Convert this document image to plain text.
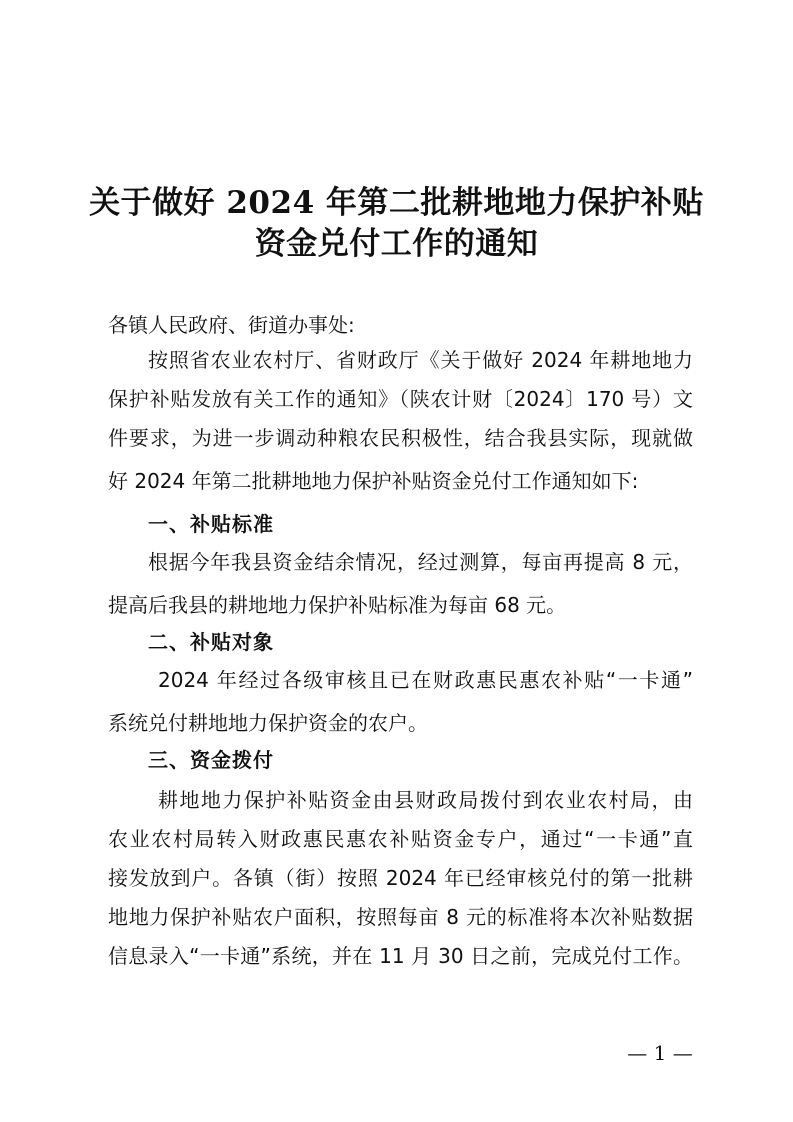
关于做好 2024 年第二批耕地地力保护补贴
资金兑付工作的通知
各镇人民政府、街道办事处:
按照省农业农村厅、省财政厅《关于做好 2024 年耕地地力
保护补贴发放有关工作的通知》（陕农计财〔2024〕170 号）文
件要求，为进一步调动种粮农民积极性，结合我县实际，现就做
好 2024 年第二批耕地地力保护补贴资金兑付工作通知如下:
一、补贴标准
根据今年我县资金结余情况，经过测算，每亩再提高 8 元，
提高后我县的耕地地力保护补贴标准为每亩 68 元。
二、补贴对象
2024 年经过各级审核且已在财政惠民惠农补贴“一卡通”
系统兑付耕地地力保护资金的农户。
三、资金拨付
耕地地力保护补贴资金由县财政局拨付到农业农村局，由
农业农村局转入财政惠民惠农补贴资金专户，通过“一卡通”直
接发放到户。各镇（街）按照 2024 年已经审核兑付的第一批耕
地地力保护补贴农户面积，按照每亩 8 元的标准将本次补贴数据
信息录入“一卡通”系统，并在 11 月 30 日之前，完成兑付工作。
— 1 —
